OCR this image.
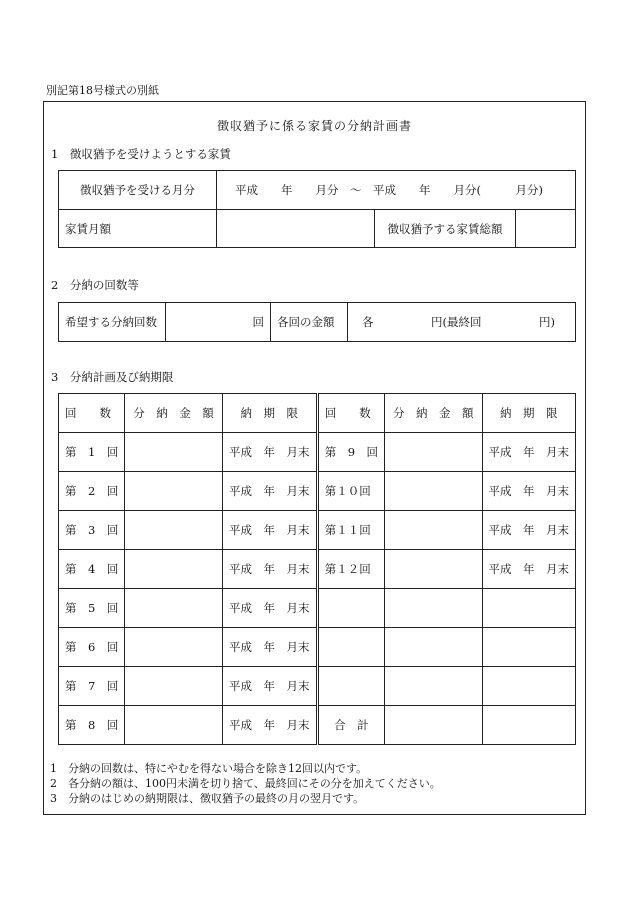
別記第18号様式の別紙
徴収猶予に係る家賃の分納計画書
1　徴収猶予を受けようとする家賃
徴収猶予を受ける月分	平成　　年　　月分　〜　平成　　年　　月分(　　　月分)		
家賃月額		徴収猶予する家賃総額	
2　分納の回数等
希望する分納回数	回	各回の金額	各　　　　　円(最終回　　　　　円)
3　分納計画及び納期限
回　　数	分　納　金　額	納　期　限	回　　数	分　納　金　額	納　期　限
第　1　回		平成　年　月末	第　9　回		平成　年　月末
第　2　回		平成　年　月末	第１０回		平成　年　月末
第　3　回		平成　年　月末	第１１回		平成　年　月末
第　4　回		平成　年　月末	第１２回		平成　年　月末
第　5　回		平成　年　月末			
第　6　回		平成　年　月末			
第　7　回		平成　年　月末			
第　8　回		平成　年　月末	合　計		
1　分納の回数は、特にやむを得ない場合を除き12回以内です。
2　各分納の額は、100円未満を切り捨て、最終回にその分を加えてください。
3　分納のはじめの納期限は、徴収猶予の最終の月の翌月です。
